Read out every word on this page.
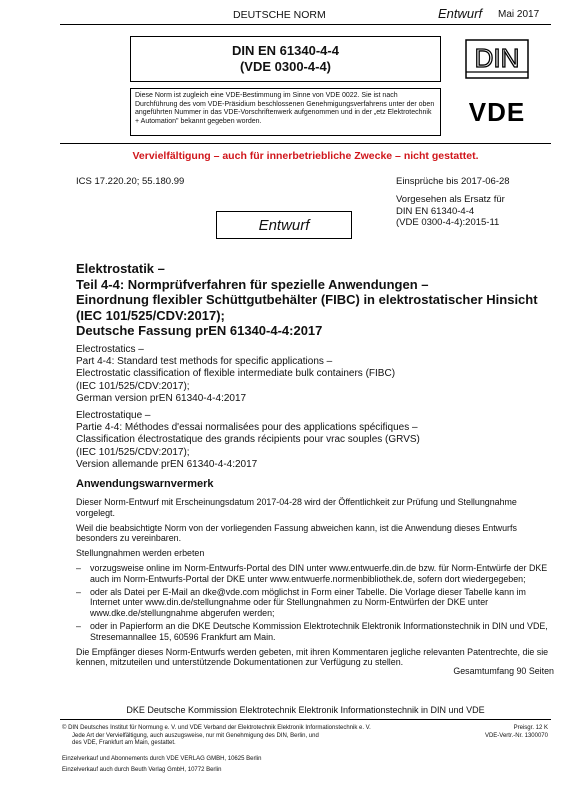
DEUTSCHE NORM	Entwurf Mai 2017
DIN EN 61340-4-4
(VDE 0300-4-4)	DIN
Diese Norm ist zugleich eine VDE-Bestimmung im Sinne von VDE 0022. Sie ist nach Durchführung des vom VDE-Präsidium beschlossenen Genehmigungsverfahrens unter der oben angeführten Nummer in das VDE-Vorschriftenwerk aufgenommen und in der „etz Elektrotechnik + Automation" bekannt gegeben worden.	VDE
Vervielfältigung – auch für innerbetriebliche Zwecke – nicht gestattet.
ICS 17.220.20; 55.180.99	Einsprüche bis 2017-06-28
Vorgesehen als Ersatz für
DIN EN 61340-4-4
(VDE 0300-4-4):2015-11
Entwurf
Elektrostatik –
Teil 4-4: Normprüfverfahren für spezielle Anwendungen –
Einordnung flexibler Schüttgutbehälter (FIBC) in elektrostatischer Hinsicht
(IEC 101/525/CDV:2017);
Deutsche Fassung prEN 61340-4-4:2017
Electrostatics –
Part 4-4: Standard test methods for specific applications –
Electrostatic classification of flexible intermediate bulk containers (FIBC)
(IEC 101/525/CDV:2017);
German version prEN 61340-4-4:2017
Electrostatique –
Partie 4-4: Méthodes d'essai normalisées pour des applications spécifiques –
Classification électrostatique des grands récipients pour vrac souples (GRVS)
(IEC 101/525/CDV:2017);
Version allemande prEN 61340-4-4:2017
Anwendungswarnvermerk

Dieser Norm-Entwurf mit Erscheinungsdatum 2017-04-28 wird der Öffentlichkeit zur Prüfung und Stellungnahme vorgelegt.

Weil die beabsichtigte Norm von der vorliegenden Fassung abweichen kann, ist die Anwendung dieses Entwurfs besonders zu vereinbaren.

Stellungnahmen werden erbeten

– vorzugsweise online im Norm-Entwurfs-Portal des DIN unter www.entwuerfe.din.de bzw. für Norm-Entwürfe der DKE auch im Norm-Entwurfs-Portal der DKE unter www.entwuerfe.normenbibliothek.de, sofern dort wiedergegeben;
– oder als Datei per E-Mail an dke@vde.com möglichst in Form einer Tabelle. Die Vorlage dieser Tabelle kann im Internet unter www.din.de/stellungnahme oder für Stellungnahmen zu Norm-Entwürfen der DKE unter www.dke.de/stellungnahme abgerufen werden;
– oder in Papierform an die DKE Deutsche Kommission Elektrotechnik Elektronik Informationstechnik in DIN und VDE, Stresemannallee 15, 60596 Frankfurt am Main.

Die Empfänger dieses Norm-Entwurfs werden gebeten, mit ihren Kommentaren jegliche relevanten Patentrechte, die sie kennen, mitzuteilen und unterstützende Dokumentationen zur Verfügung zu stellen.

Gesamtumfang 90 Seiten
DKE Deutsche Kommission Elektrotechnik Elektronik Informationstechnik in DIN und VDE
© DIN Deutsches Institut für Normung e. V. und VDE Verband der Elektrotechnik Elektronik Informationstechnik e. V.
Jede Art der Vervielfältigung, auch auszugsweise, nur mit Genehmigung des DIN, Berlin, und
des VDE, Frankfurt am Main, gestattet.
Preisgr. 12 K
VDE-Vertr.-Nr. 1300070
Einzelverkauf und Abonnements durch VDE VERLAG GMBH, 10625 Berlin
Einzelverkauf auch durch Beuth Verlag GmbH, 10772 Berlin
